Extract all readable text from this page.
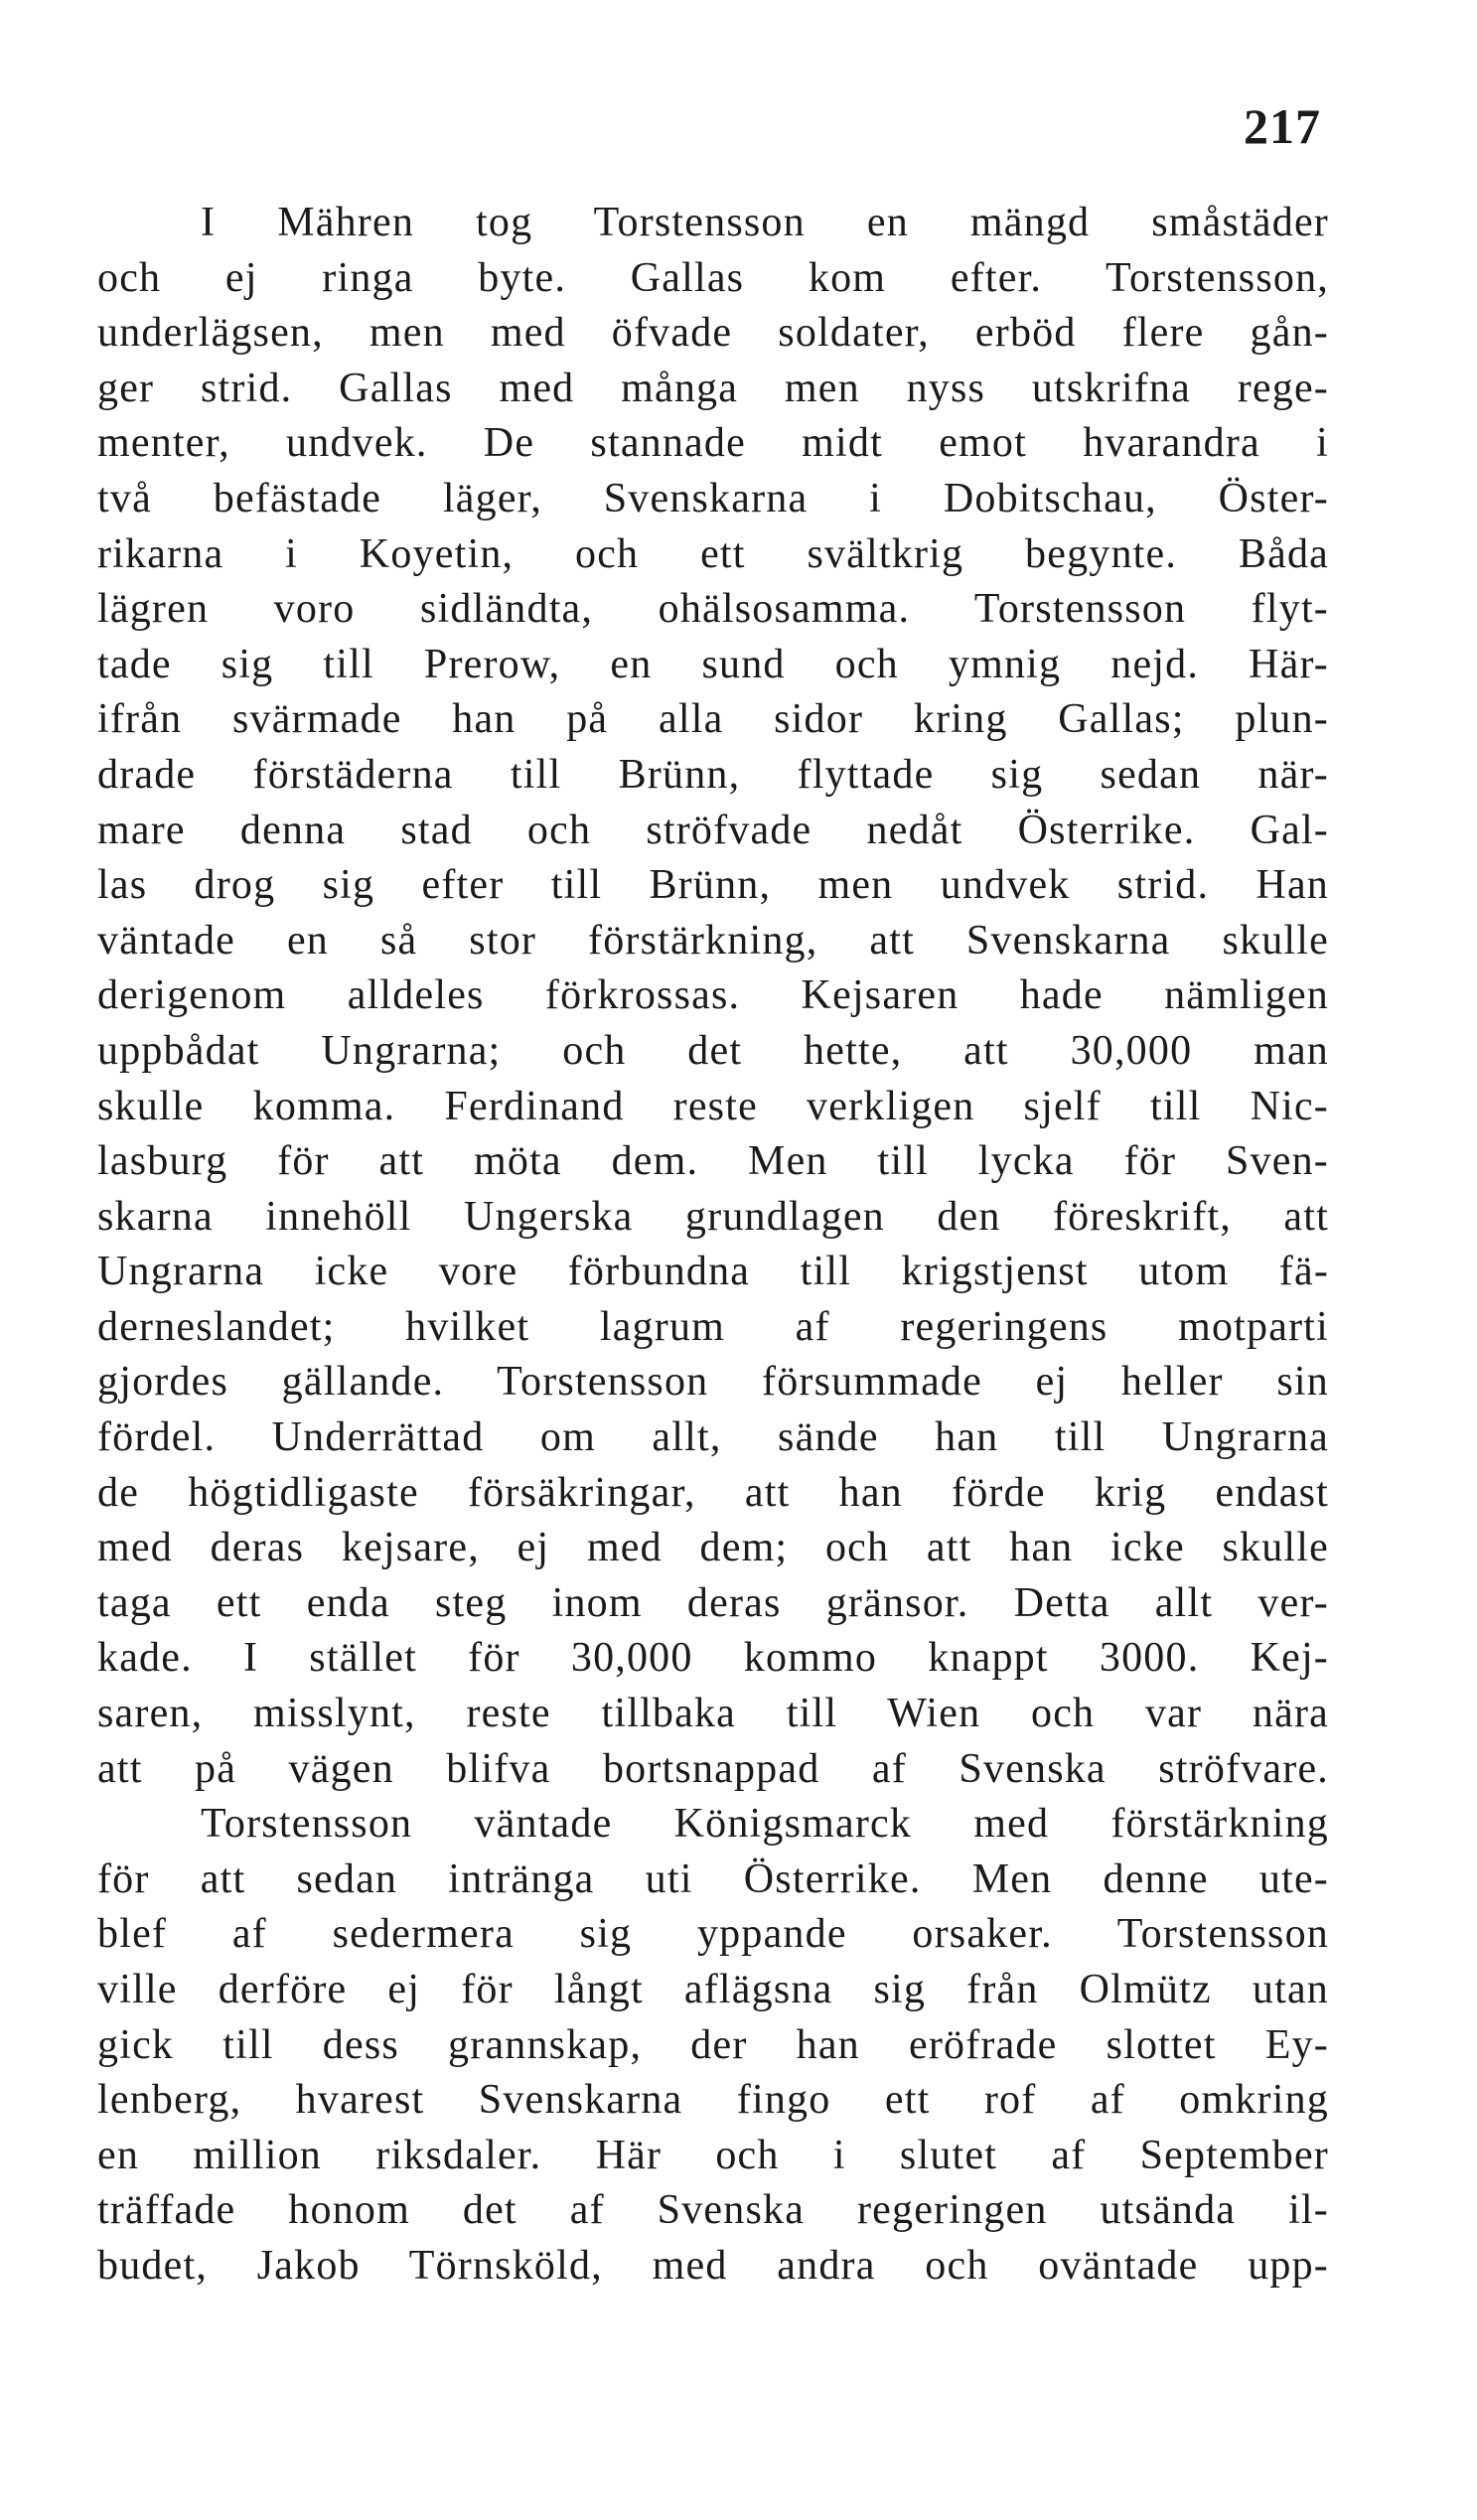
217
I Mähren tog Torstensson en mängd småstäder
och ej ringa byte. Gallas kom efter. Torstensson,
underlägsen, men med öfvade soldater, erböd flere gån-
ger strid. Gallas med många men nyss utskrifna rege-
menter, undvek. De stannade midt emot hvarandra i
två befästade läger, Svenskarna i Dobitschau, Öster-
rikarna i Koyetin, och ett svältkrig begynte. Båda
lägren voro sidländta, ohälsosamma. Torstensson flyt-
tade sig till Prerow, en sund och ymnig nejd. Här-
ifrån svärmade han på alla sidor kring Gallas; plun-
drade förstäderna till Brünn, flyttade sig sedan när-
mare denna stad och ströfvade nedåt Österrike. Gal-
las drog sig efter till Brünn, men undvek strid. Han
väntade en så stor förstärkning, att Svenskarna skulle
derigenom alldeles förkrossas. Kejsaren hade nämligen
uppbådat Ungrarna; och det hette, att 30,000 man
skulle komma. Ferdinand reste verkligen sjelf till Nic-
lasburg för att möta dem. Men till lycka för Sven-
skarna innehöll Ungerska grundlagen den föreskrift, att
Ungrarna icke vore förbundna till krigstjenst utom fä-
derneslandet; hvilket lagrum af regeringens motparti
gjordes gällande. Torstensson försummade ej heller sin
fördel. Underrättad om allt, sände han till Ungrarna
de högtidligaste försäkringar, att han förde krig endast
med deras kejsare, ej med dem; och att han icke skulle
taga ett enda steg inom deras gränsor. Detta allt ver-
kade. I stället för 30,000 kommo knappt 3000. Kej-
saren, misslynt, reste tillbaka till Wien och var nära
att på vägen blifva bortsnappad af Svenska ströfvare.
Torstensson väntade Königsmarck med förstärkning
för att sedan intränga uti Österrike. Men denne ute-
blef af sedermera sig yppande orsaker. Torstensson
ville derföre ej för långt aflägsna sig från Olmütz utan
gick till dess grannskap, der han eröfrade slottet Ey-
lenberg, hvarest Svenskarna fingo ett rof af omkring
en million riksdaler. Här och i slutet af September
träffade honom det af Svenska regeringen utsända il-
budet, Jakob Törnsköld, med andra och oväntade upp-
